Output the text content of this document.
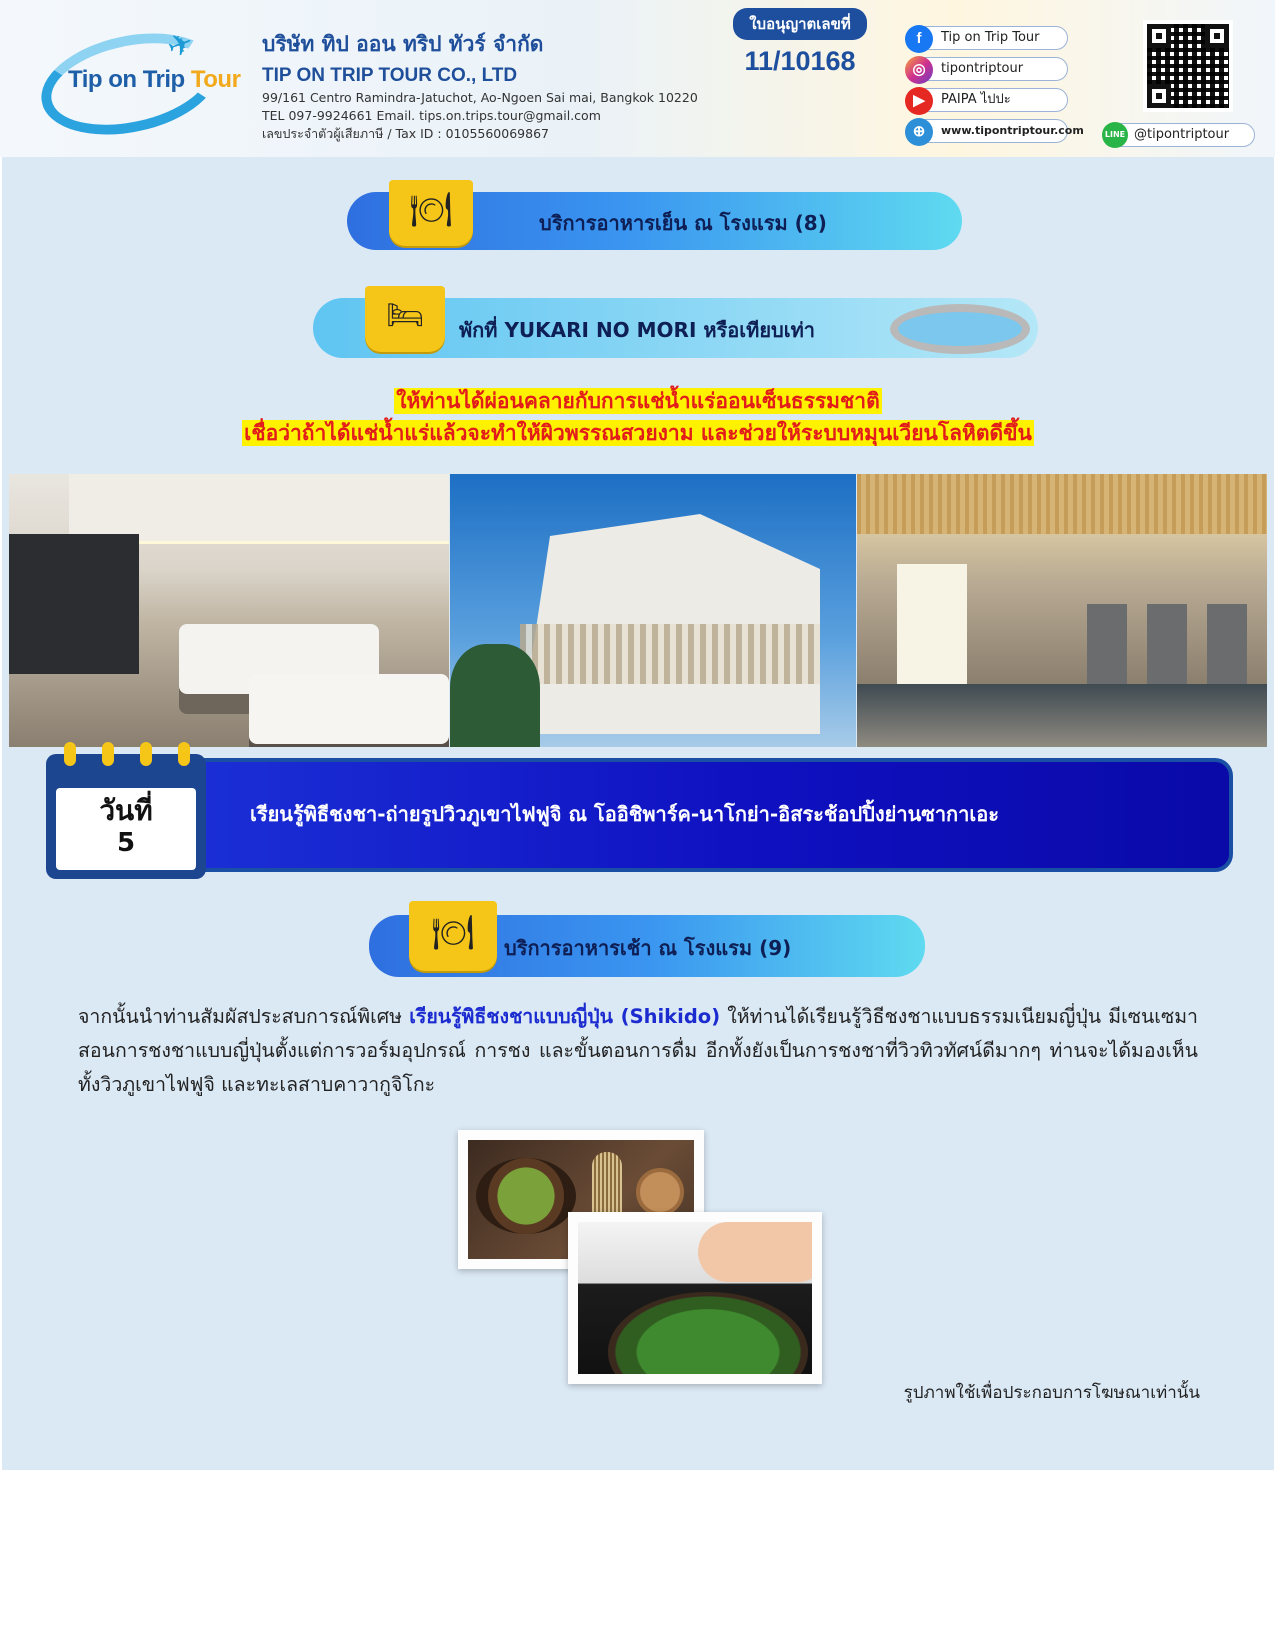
✈
Tip on Trip Tour
บริษัท ทิป ออน ทริป ทัวร์ จำกัด
TIP ON TRIP TOUR CO., LTD
99/161 Centro Ramindra-Jatuchot, Ao-Ngoen Sai mai, Bangkok 10220
TEL 097-9924661 Email. tips.on.trips.tour@gmail.com
เลขประจำตัวผู้เสียภาษี / Tax ID : 0105560069867
ใบอนุญาตเลขที่
11/10168
f	Tip on Trip Tour
◎	tipontriptour
▶	PAIPA ไปปะ
⊕	www.tipontriptour.com	LINE @tipontriptour
🍽	บริการอาหารเย็น ณ โรงแรม (8)
🛏	พักที่ YUKARI NO MORI หรือเทียบเท่า
ให้ท่านได้ผ่อนคลายกับการแช่น้ำแร่ออนเซ็นธรรมชาติ
เชื่อว่าถ้าได้แช่น้ำแร่แล้วจะทำให้ผิวพรรณสวยงาม และช่วยให้ระบบหมุนเวียนโลหิตดีขึ้น
เรียนรู้พิธีชงชา-ถ่ายรูปวิวภูเขาไฟฟูจิ ณ โออิชิพาร์ค-นาโกย่า-อิสระช้อปปิ้งย่านซากาเอะ
วันที่
5
🍽	บริการอาหารเช้า ณ โรงแรม (9)
จากนั้นนำท่านสัมผัสประสบการณ์พิเศษ เรียนรู้พิธีชงชาแบบญี่ปุ่น (Shikido) ให้ท่านได้เรียนรู้วิธีชงชาแบบธรรมเนียมญี่ปุ่น มีเซนเซมาสอนการชงชาแบบญี่ปุ่นตั้งแต่การวอร์มอุปกรณ์ การชง และขั้นตอนการดื่ม อีกทั้งยังเป็นการชงชาที่วิวทิวทัศน์ดีมากๆ ท่านจะได้มองเห็นทั้งวิวภูเขาไฟฟูจิ และทะเลสาบคาวากูจิโกะ
รูปภาพใช้เพื่อประกอบการโฆษณาเท่านั้น
